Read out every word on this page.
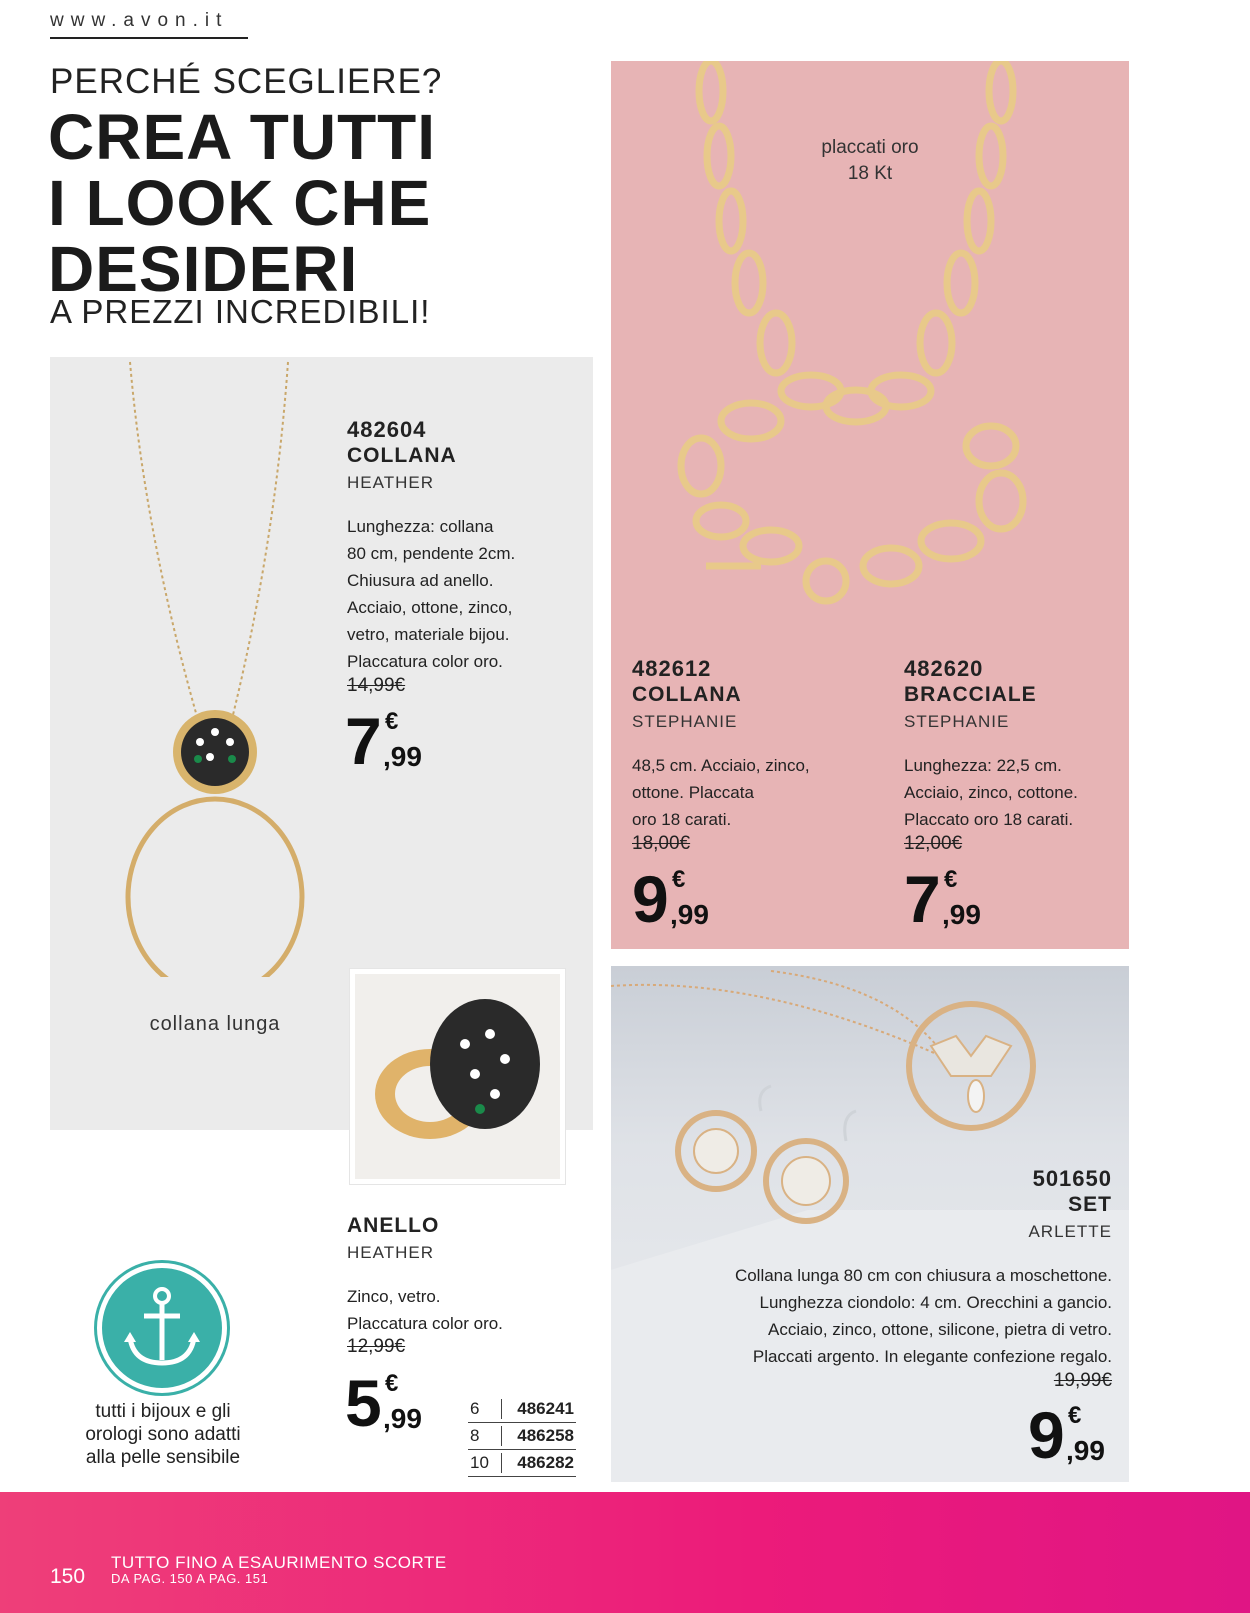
www.avon.it
PERCHÉ SCEGLIERE?
CREA TUTTI
I LOOK CHE
DESIDERI
A PREZZI INCREDIBILI!
482604
COLLANA
HEATHER
Lunghezza: collana
80 cm, pendente 2cm.
Chiusura ad anello.
Acciaio, ottone, zinco,
vetro, materiale bijou.
Placcatura color oro.
14,99€
7 €
,99
collana lunga
ANELLO
HEATHER
Zinco, vetro.
Placcatura color oro.
12,99€
5 €
,99	6	486241
8	486258
10	486282
tutti i bijoux e gli
orologi sono adatti
alla pelle sensibile
placcati oro
18 Kt
482612
COLLANA
STEPHANIE
48,5 cm. Acciaio, zinco,
ottone. Placcata
oro 18 carati.
18,00€
9 €
,99
482620
BRACCIALE
STEPHANIE
Lunghezza: 22,5 cm.
Acciaio, zinco, cottone.
Placcato oro 18 carati.
12,00€
7 €
,99
501650
SET
ARLETTE
Collana lunga 80 cm con chiusura a moschettone.
Lunghezza ciondolo: 4 cm. Orecchini a gancio.
Acciaio, zinco, ottone, silicone, pietra di vetro.
Placcati argento. In elegante confezione regalo.
19,99€
9 €
,99
150
TUTTO FINO A ESAURIMENTO SCORTE
DA PAG. 150 A PAG. 151
